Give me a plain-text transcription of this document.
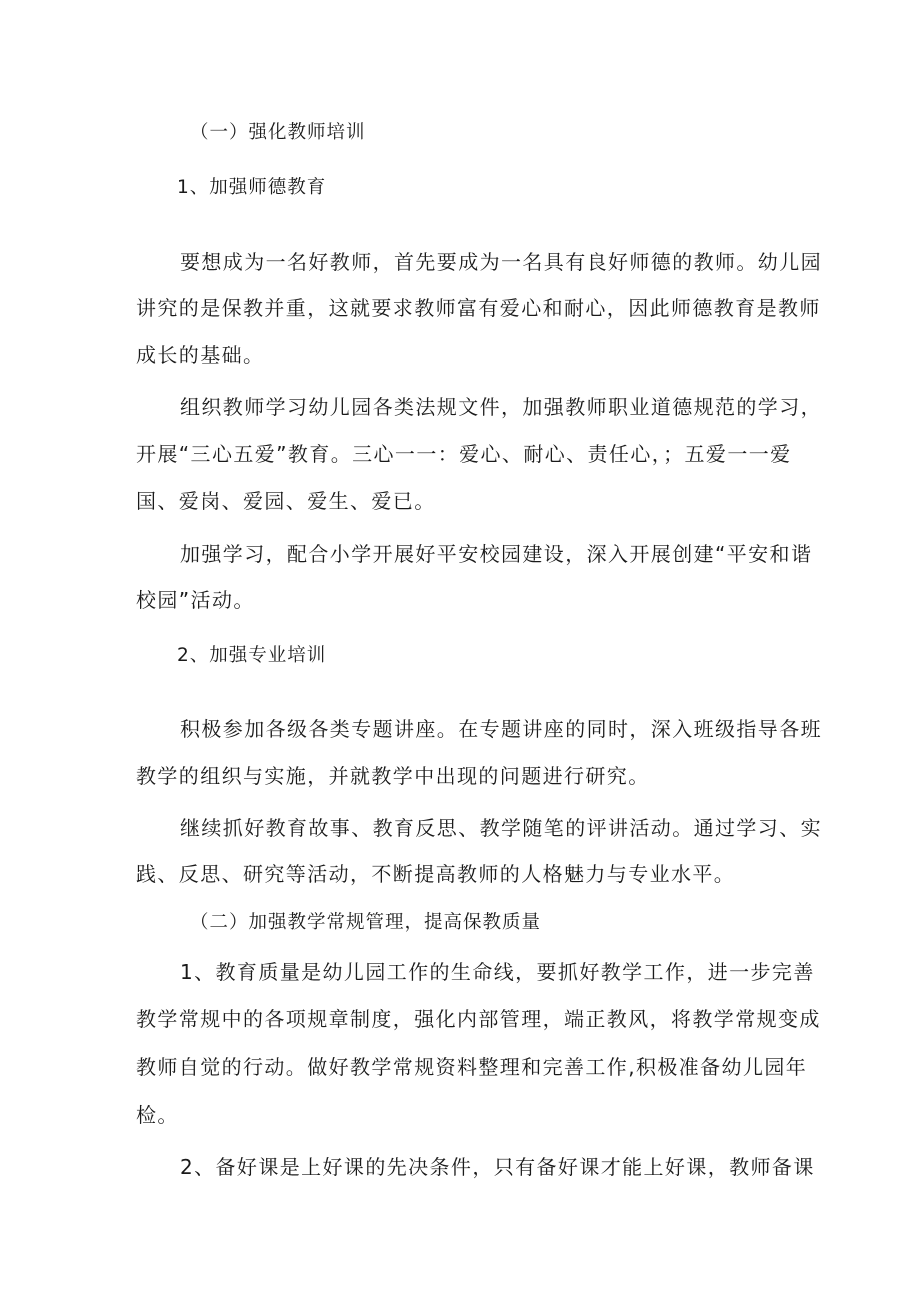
（一）强化教师培训

1、加强师德教育

要想成为一名好教师，首先要成为一名具有良好师德的教师。幼儿园

讲究的是保教并重，这就要求教师富有爱心和耐心，因此师德教育是教师

成长的基础。

组织教师学习幼儿园各类法规文件，加强教师职业道德规范的学习，

开展“三心五爱”教育。三心一一：爱心、耐心、责任心，；五爱一一爱

国、爱岗、爱园、爱生、爱已。

加强学习，配合小学开展好平安校园建设，深入开展创建“平安和谐

校园”活动。

2、加强专业培训

积极参加各级各类专题讲座。在专题讲座的同时，深入班级指导各班

教学的组织与实施，并就教学中出现的问题进行研究。

继续抓好教育故事、教育反思、教学随笔的评讲活动。通过学习、实

践、反思、研究等活动，不断提高教师的人格魅力与专业水平。

（二）加强教学常规管理，提高保教质量

1、教育质量是幼儿园工作的生命线，要抓好教学工作，进一步完善

教学常规中的各项规章制度，强化内部管理，端正教风，将教学常规变成

教师自觉的行动。做好教学常规资料整理和完善工作,积极准备幼儿园年

检。

2、备好课是上好课的先决条件，只有备好课才能上好课，教师备课
